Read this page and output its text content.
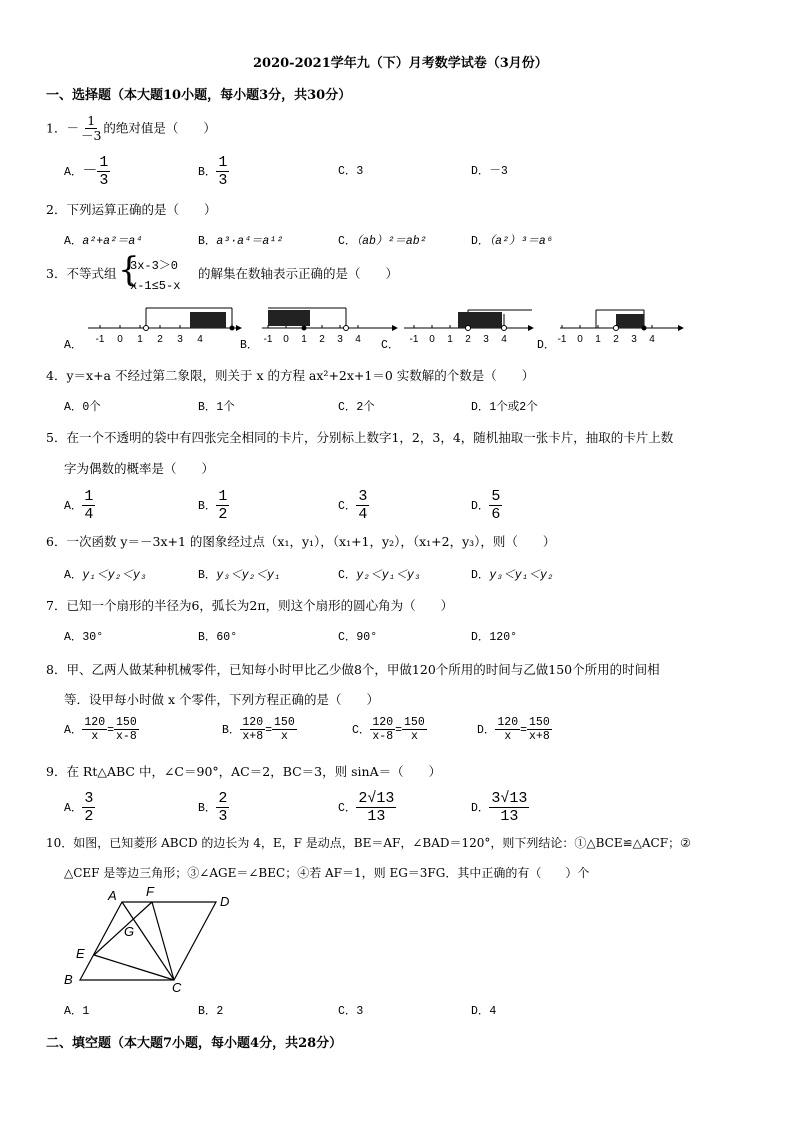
2020-2021学年九（下）月考数学试卷（3月份）
一、选择题（本大题10小题，每小题3分，共30分）
1．－ $\frac{1}{-3}$ 的绝对值是（　　）
A．－ $\frac{1}{3}$	B． $\frac{1}{3}$	C．3	D．－3
2．下列运算正确的是（　　）
A．a²+a²＝a⁴	B．a³·a⁴＝a¹²	C．（ab）²＝ab²	D．（a²）³＝a⁶
3．不等式组 {
3x-3＞0
x-1≤5-x
的解集在数轴表示正确的是（　　）
A．	B．	C．	D．
-1 0 1 2 3 4	-1 0 1 2 3 4	-1 0 1 2 3 4	-1 0 1 2 3 4
4．y＝x+a 不经过第二象限，则关于 x 的方程 ax²+2x+1＝0 实数解的个数是（　　）
A．0个	B．1个	C．2个	D．1个或2个
5．在一个不透明的袋中有四张完全相同的卡片，分别标上数字1，2，3，4，随机抽取一张卡片，抽取的卡片上数
字为偶数的概率是（　　）
A． $\frac{1}{4}$	B． $\frac{1}{2}$	C． $\frac{3}{4}$	D． $\frac{5}{6}$
6．一次函数 y＝－3x+1 的图象经过点（x₁，y₁），（x₁+1，y₂），（x₁+2，y₃），则（　　）
A．y₁＜y₂＜y₃	B．y₃＜y₂＜y₁	C．y₂＜y₁＜y₃	D．y₃＜y₁＜y₂
7．已知一个扇形的半径为6，弧长为2π，则这个扇形的圆心角为（　　）
A．30°	B．60°	C．90°	D．120°
8．甲、乙两人做某种机械零件，已知每小时甲比乙少做8个，甲做120个所用的时间与乙做150个所用的时间相
等．设甲每小时做 x 个零件，下列方程正确的是（　　）
A． $\frac{120}{x} = \frac{150}{x-8}$	B． $\frac{120}{x+8} = \frac{150}{x}$	C． $\frac{120}{x-8} = \frac{150}{x}$	D． $\frac{120}{x} = \frac{150}{x+8}$
9．在 Rt△ABC 中，∠C＝90°，AC＝2，BC＝3，则 sinA＝（　　）
A． $\frac{3}{2}$	B． $\frac{2}{3}$	C． $\frac{2√13}{13}$	D． $\frac{3√13}{13}$
10．如图，已知菱形 ABCD 的边长为 4，E，F 是动点，BE＝AF，∠BAD＝120°，则下列结论：①△BCE≌△ACF；②
△CEF 是等边三角形；③∠AGE＝∠BEC；④若 AF＝1，则 EG＝3FG．其中正确的有（　　）个
A F
D
G
E
B
C
A．1	B．2	C．3	D．4
二、填空题（本大题7小题，每小题4分，共28分）
